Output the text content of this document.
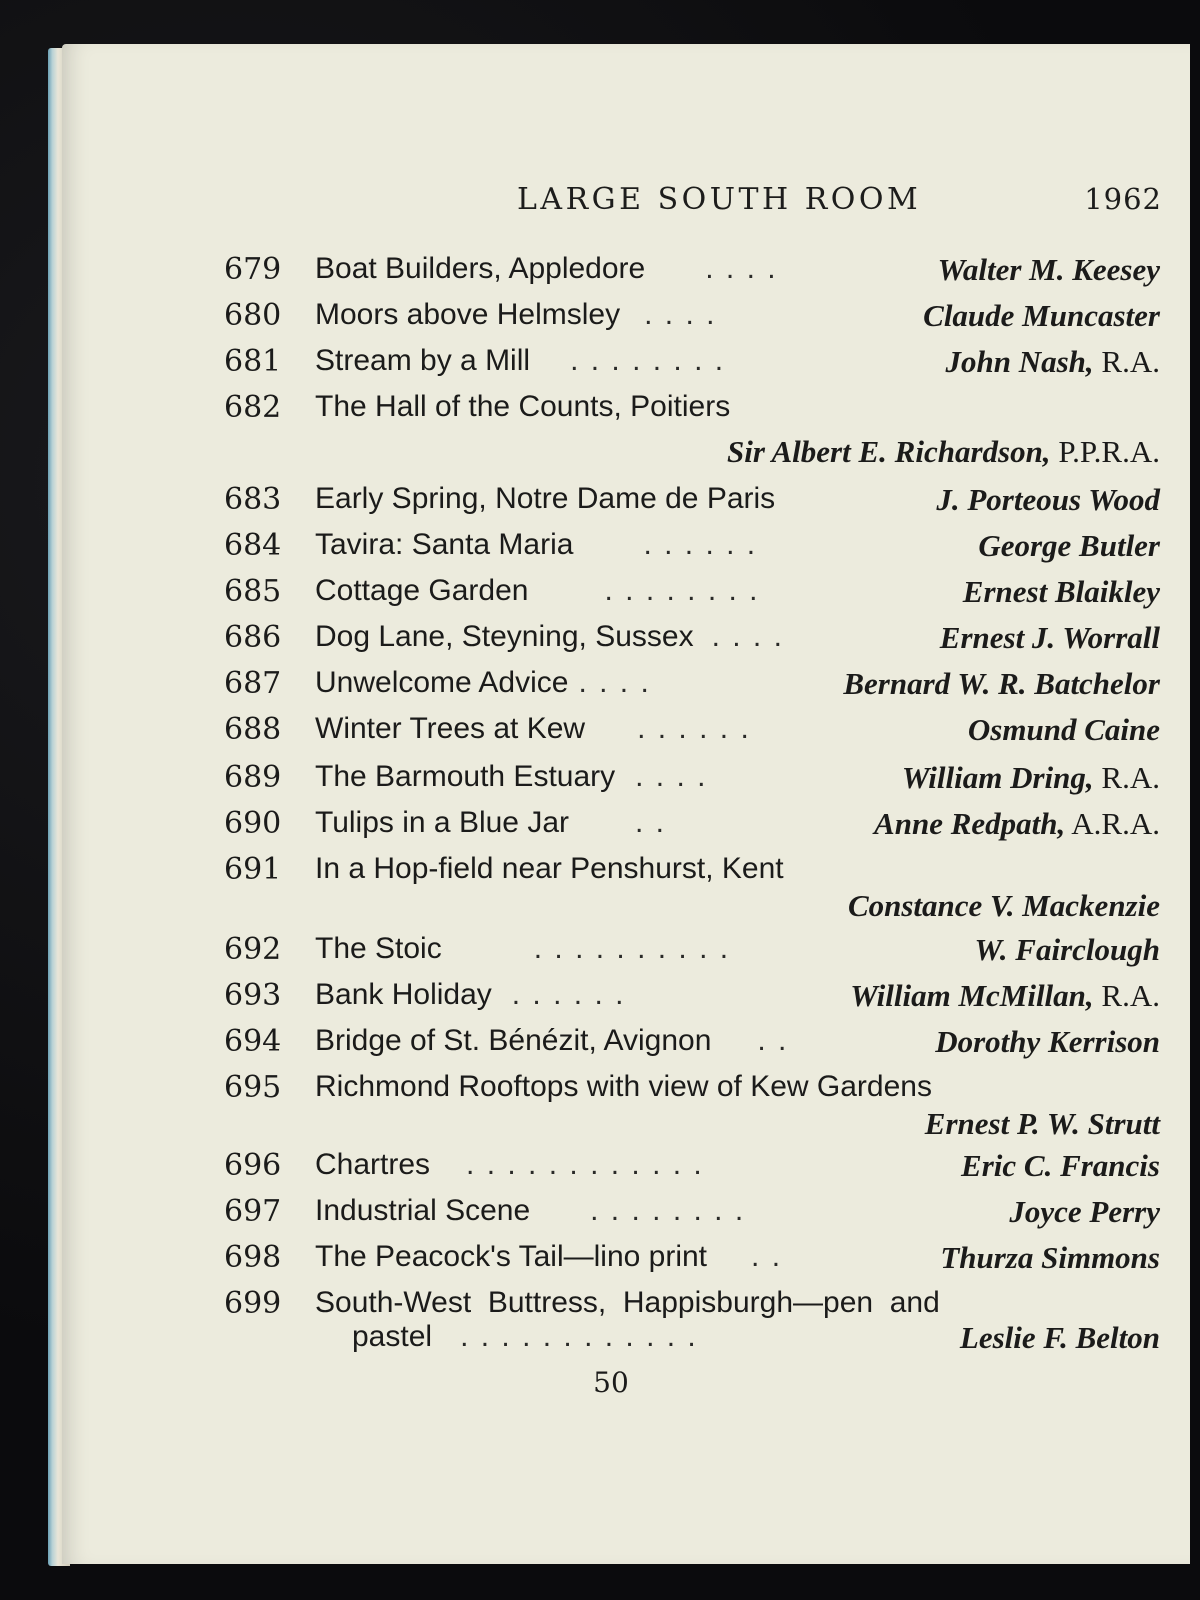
LARGE SOUTH ROOM	1962
679 Boat Builders, Appledore . . . .	Walter M. Keesey
680 Moors above Helmsley . . . .	Claude Muncaster
681 Stream by a Mill . . . . . . . .	John Nash, R.A.
682 The Hall of the Counts, Poitiers
Sir Albert E. Richardson, P.P.R.A.
683 Early Spring, Notre Dame de Paris	J. Porteous Wood
684 Tavira: Santa Maria . . . . . .	George Butler
685 Cottage Garden	. . . . . . . .	Ernest Blaikley
686 Dog Lane, Steyning, Sussex . . . .	Ernest J. Worrall
687 Unwelcome Advice . . . .	Bernard W. R. Batchelor
688 Winter Trees at Kew . . . . . .	Osmund Caine
689 The Barmouth Estuary . . . .	William Dring, R.A.
690 Tulips in a Blue Jar . .	Anne Redpath, A.R.A.
691 In a Hop-field near Penshurst, Kent
Constance V. Mackenzie
692 The Stoic	. . . . . . . . . .	W. Fairclough
693 Bank Holiday . . . . . .	William McMillan, R.A.
694 Bridge of St. Bénézit, Avignon . .	Dorothy Kerrison
695 Richmond Rooftops with view of Kew Gardens
Ernest P. W. Strutt
696 Chartres . . . . . . . . . . . .	Eric C. Francis
697 Industrial Scene . . . . . . . .	Joyce Perry
698 The Peacock's Tail—lino print . .	Thurza Simmons
699 South-West  Buttress,  Happisburgh—pen  and
pastel . . . . . . . . . . . .	Leslie F. Belton
50
